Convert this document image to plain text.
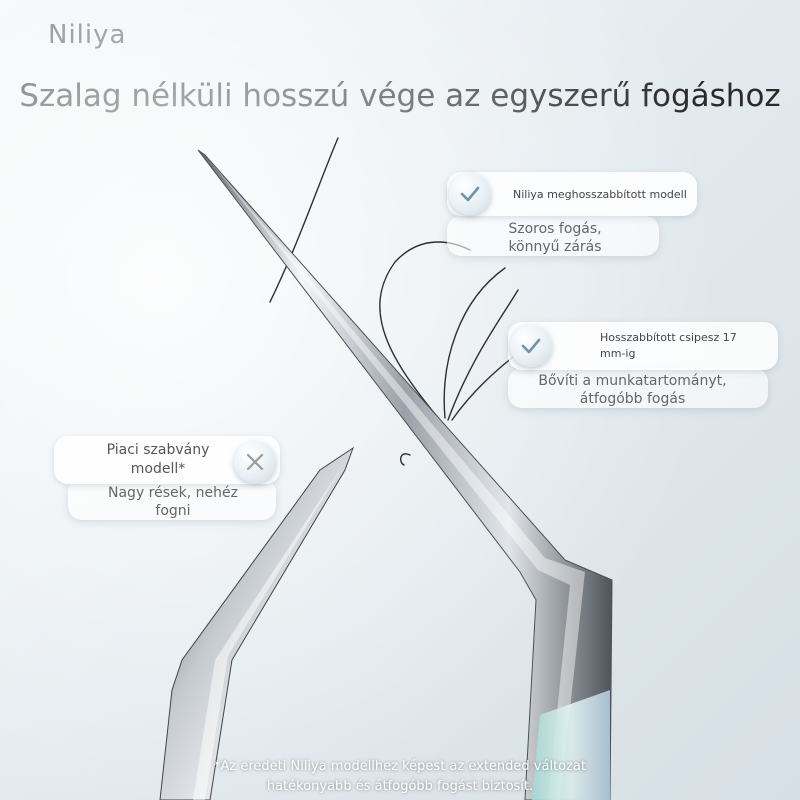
Niliya meghosszabbított modell
Szoros fogás,
könnyű zárás
Hosszabbított csipesz 17
mm-ig
Bővíti a munkatartományt,
átfogóbb fogás
Piaci szabvány
modell*
Nagy rések, nehéz
fogni
*Az eredeti Niliya modellhez képest az extended változat
hatékonyabb és átfogóbb fogást biztosít.
